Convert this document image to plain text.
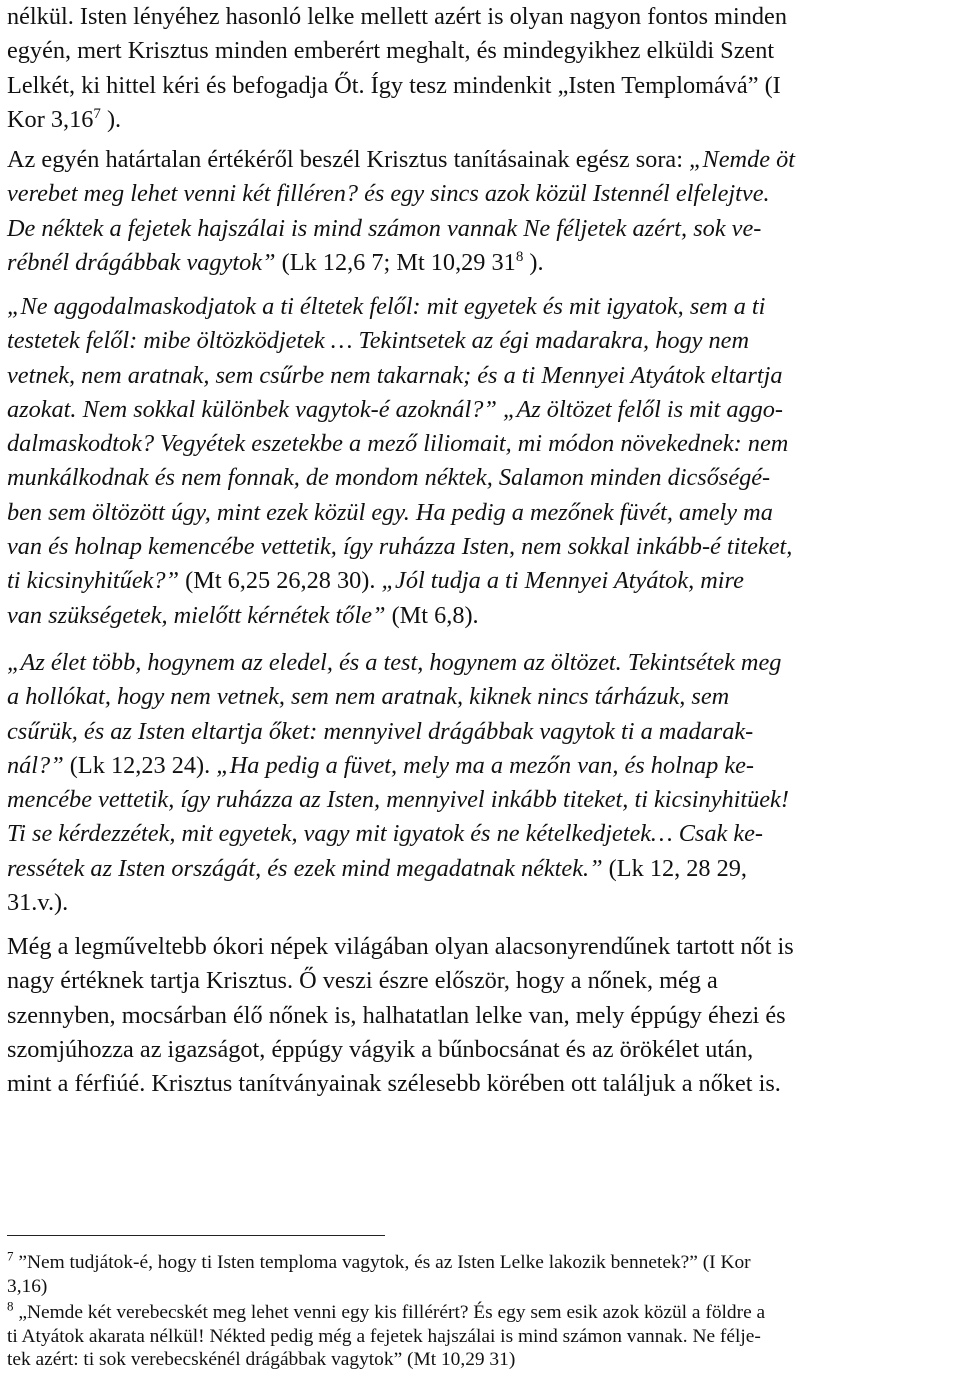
nélkül. Isten lényéhez hasonló lelke mellett azért is olyan nagyon fontos minden
egyén, mert Krisztus minden emberért meghalt, és mindegyikhez elküldi Szent
Lelkét, ki hittel kéri és befogadja Őt. Így tesz mindenkit „Isten Templomává” (I
Kor 3,16$^7$ ).
Az egyén határtalan értékéről beszél Krisztus tanításainak egész sora: „Nemde öt
verebet meg lehet venni két filléren? és egy sincs azok közül Istennél elfelejtve.
De néktek a fejetek hajszálai is mind számon vannak Ne féljetek azért, sok ve-
rébnél drágábbak vagytok” (Lk 12,6 7; Mt 10,29 $31^8$ ).
„Ne aggodalmaskodjatok a ti éltetek felől: mit egyetek és mit igyatok, sem a ti
testetek felől: mibe öltözködjetek … Tekintsetek az égi madarakra, hogy nem
vetnek, nem aratnak, sem csűrbe nem takarnak; és a ti Mennyei Atyátok eltartja
azokat. Nem sokkal különbek vagytok-é azoknál?” „Az öltözet felől is mit aggo-
dalmaskodtok? Vegyétek eszetekbe a mező liliomait, mi módon növekednek: nem
munkálkodnak és nem fonnak, de mondom néktek, Salamon minden dicsőségé-
ben sem öltözött úgy, mint ezek közül egy. Ha pedig a mezőnek füvét, amely ma
van és holnap kemencébe vettetik, így ruházza Isten, nem sokkal inkább-é titeket,
ti kicsinyhitűek?” (Mt 6,25 26,28 30). „Jól tudja a ti Mennyei Atyátok, mire
van szükségetek, mielőtt kérnétek tőle” (Mt 6,8).
„Az élet több, hogynem az eledel, és a test, hogynem az öltözet. Tekintsétek meg
a hollókat, hogy nem vetnek, sem nem aratnak, kiknek nincs tárházuk, sem
csűrük, és az Isten eltartja őket: mennyivel drágábbak vagytok ti a madarak-
nál?” (Lk 12,23 24). „Ha pedig a füvet, mely ma a mezőn van, és holnap ke-
mencébe vettetik, így ruházza az Isten, mennyivel inkább titeket, ti kicsinyhitüek!
Ti se kérdezzétek, mit egyetek, vagy mit igyatok és ne kételkedjetek… Csak ke-
ressétek az Isten országát, és ezek mind megadatnak néktek.” (Lk 12, 28 29,
31.v.).
Még a legműveltebb ókori népek világában olyan alacsonyrendűnek tartott nőt is
nagy értéknek tartja Krisztus. Ő veszi észre először, hogy a nőnek, még a
szennyben, mocsárban élő nőnek is, halhatatlan lelke van, mely éppúgy éhezi és
szomjúhozza az igazságot, éppúgy vágyik a bűnbocsánat és az örökélet után,
mint a férfiúé. Krisztus tanítványainak szélesebb körében ott találjuk a nőket is.
$^7$ ”Nem tudjátok-é, hogy ti Isten temploma vagytok, és az Isten Lelke lakozik bennetek?” (I Kor
3,16)
$^8$ „Nemde két verebecskét meg lehet venni egy kis fillérért? És egy sem esik azok közül a földre a
ti Atyátok akarata nélkül! Nékted pedig még a fejetek hajszálai is mind számon vannak. Ne félje-
tek azért: ti sok verebecskénél drágábbak vagytok” (Mt 10,29 31)
